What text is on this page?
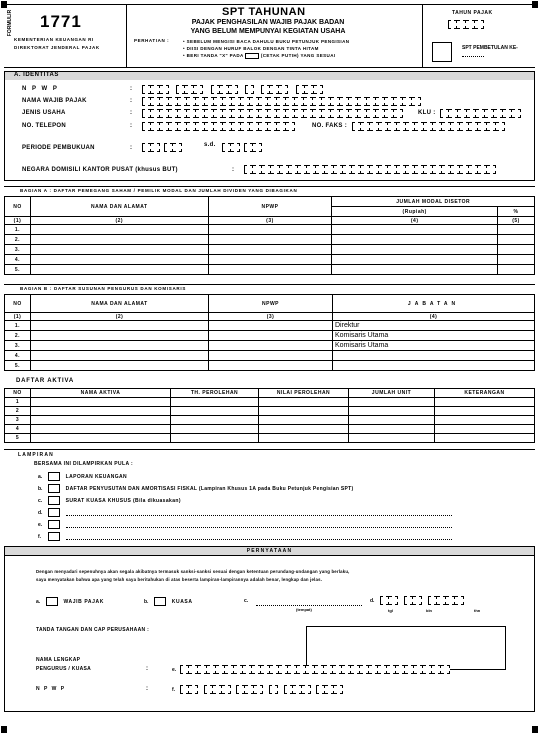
FORMULIR 1771
KEMENTERIAN KEUANGAN RI
DIREKTORAT JENDERAL PAJAK
SPT TAHUNAN
PAJAK PENGHASILAN WAJIB PAJAK BADAN
YANG BELUM MEMPUNYAI KEGIATAN USAHA
PERHATIAN :	• SEBELUM MENGISI BACA DAHULU BUKU PETUNJUK PENGISIAN
• DIISI DENGAN HURUF BALOK DENGAN TINTA HITAM
• BERI TANDA "X" PADA	(CETAK PUTIH) YANG SESUAI
TAHUN PAJAK
SPT PEMBETULAN KE-
A. IDENTITAS
N P W P	:

NAMA WAJIB PAJAK	:
JENIS USAHA	:	KLU :
NO. TELEPON	:	NO. FAKS :
PERIODE PEMBUKUAN	:	s.d.
NEGARA DOMISILI KANTOR PUSAT (khusus BUT)	:
BAGIAN A : DAFTAR PEMEGANG SAHAM / PEMILIK MODAL DAN JUMLAH DIVIDEN YANG DIBAGIKAN
NO	NAMA DAN ALAMAT	NPWP	JUMLAH MODAL DISETOR	
			(Rupiah)	%
(1)	(2)	(3)	(4)	(5)
1.				
2.				
3.				
4.				
5.				
BAGIAN B : DAFTAR SUSUNAN PENGURUS DAN KOMISARIS
NO	NAMA DAN ALAMAT	NPWP	JABATAN
(1)	(2)	(3)	(4)
1.			Direktur
2.			Komisaris Utama
3.			Komisaris Utama
4.			
5.			
DAFTAR AKTIVA
NO	NAMA AKTIVA	TH. PEROLEHAN	NILAI PEROLEHAN	JUMLAH UNIT	KETERANGAN
1					
2					
3					
4					
5					
LAMPIRAN
BERSAMA INI DILAMPIRKAN PULA :
a.	LAPORAN KEUANGAN
b.	DAFTAR PENYUSUTAN DAN AMORTISASI FISKAL (Lampiran Khusus 1A pada Buku Petunjuk Pengisian SPT)
c.	SURAT KUASA KHUSUS (Bila dikuasakan)
d.
e.
f.
PERNYATAAN
Dengan menyadari sepenuhnya akan segala akibatnya termasuk sanksi-sanksi sesuai dengan ketentuan perundang-undangan yang berlaku,
saya menyatakan bahwa apa yang telah saya beritahukan di atas beserta lampiran-lampirannya adalah benar, lengkap dan jelas.
a.	WAJIB PAJAK	b.	KUASA	c.
(tempat)
d.
tgl	bln	thn
TANDA TANGAN DAN CAP PERUSAHAAN :
NAMA LENGKAP
PENGURUS / KUASA	:	e.
N P W P	:	f.
